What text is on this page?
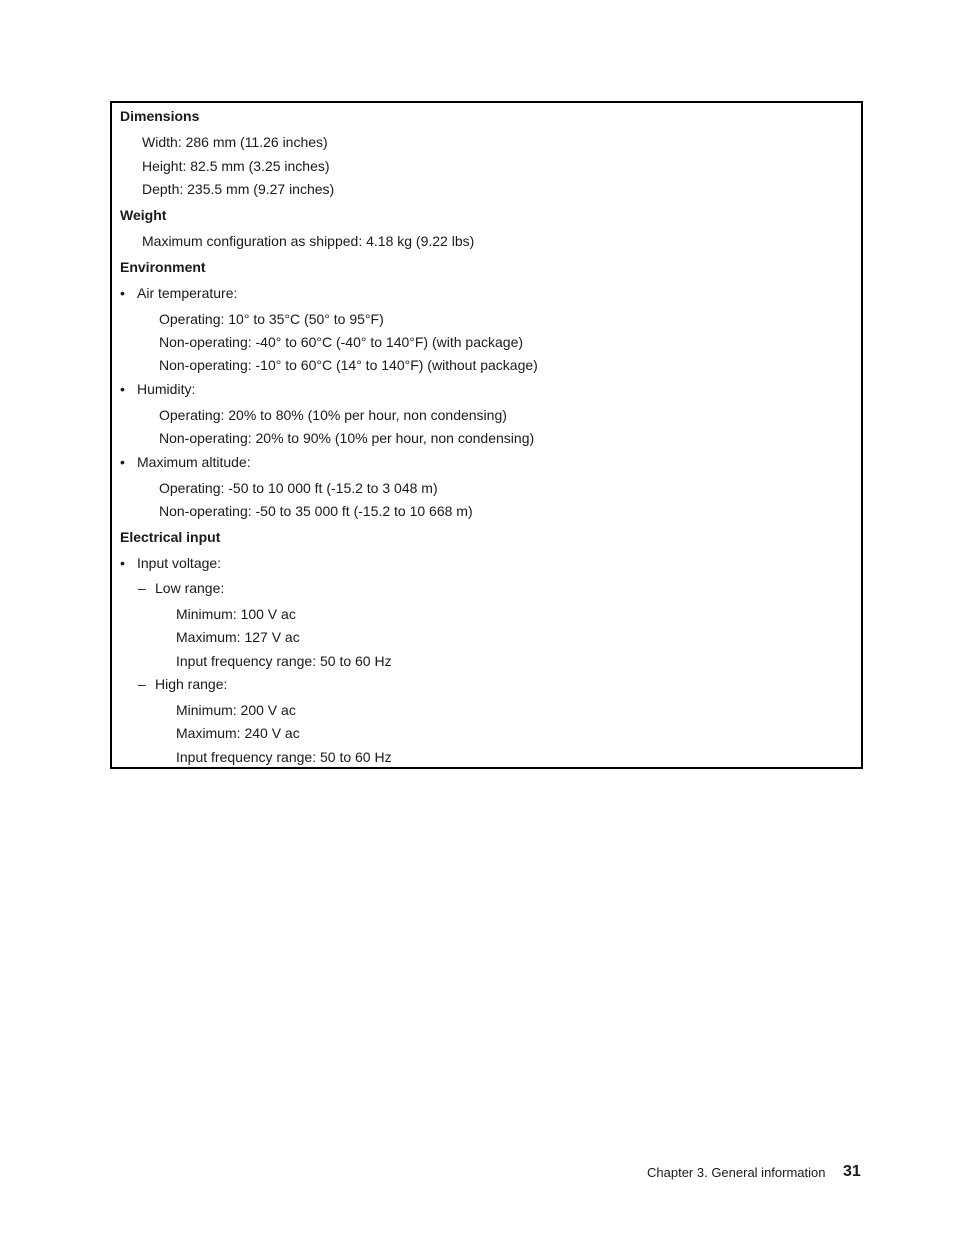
Dimensions
Width: 286 mm (11.26 inches)
Height: 82.5 mm (3.25 inches)
Depth: 235.5 mm (9.27 inches)
Weight
Maximum configuration as shipped: 4.18 kg (9.22 lbs)
Environment
• Air temperature:
Operating: 10° to 35°C (50° to 95°F)
Non-operating: -40° to 60°C (-40° to 140°F) (with package)
Non-operating: -10° to 60°C (14° to 140°F) (without package)
• Humidity:
Operating: 20% to 80% (10% per hour, non condensing)
Non-operating: 20% to 90% (10% per hour, non condensing)
• Maximum altitude:
Operating: -50 to 10 000 ft (-15.2 to 3 048 m)
Non-operating: -50 to 35 000 ft (-15.2 to 10 668 m)
Electrical input
• Input voltage:
– Low range:
Minimum: 100 V ac
Maximum: 127 V ac
Input frequency range: 50 to 60 Hz
– High range:
Minimum: 200 V ac
Maximum: 240 V ac
Input frequency range: 50 to 60 Hz
Chapter 3. General information 31
